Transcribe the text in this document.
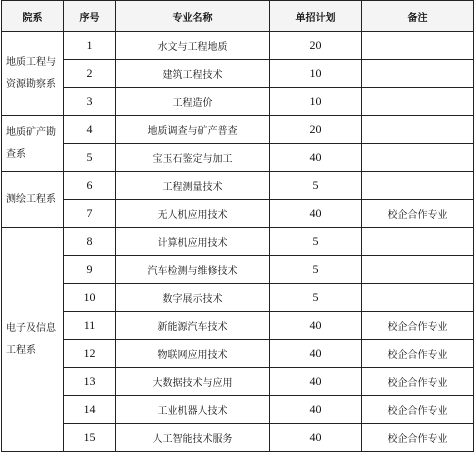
院系	序号	专业名称	单招计划	备注
地质工程与资源勘察系	1	水文与工程地质	20	
	2	建筑工程技术	10	
	3	工程造价	10	
地质矿产勘查系	4	地质调查与矿产普查	20	
	5	宝玉石鉴定与加工	40	
测绘工程系	6	工程测量技术	5	
	7	无人机应用技术	40	校企合作专业
电子及信息工程系	8	计算机应用技术	5	
	9	汽车检测与维修技术	5	
	10	数字展示技术	5	
	11	新能源汽车技术	40	校企合作专业
	12	物联网应用技术	40	校企合作专业
	13	大数据技术与应用	40	校企合作专业
	14	工业机器人技术	40	校企合作专业
	15	人工智能技术服务	40	校企合作专业
